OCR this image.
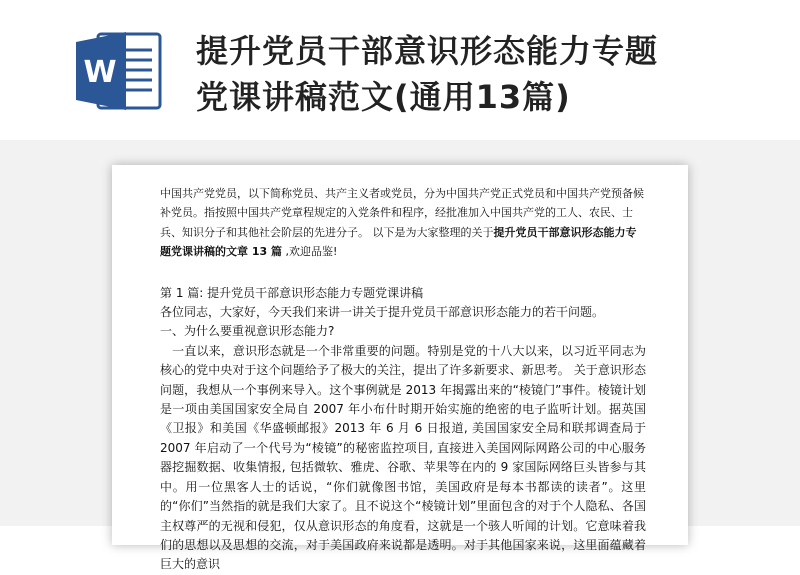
W
提升党员干部意识形态能力专题
党课讲稿范文(通用13篇)

中国共产党党员，以下简称党员、共产主义者或党员，分为中国共产党正式党员和中国共产党预备候补党员。指按照中国共产党章程规定的入党条件和程序，经批准加入中国共产党的工人、农民、士兵、知识分子和其他社会阶层的先进分子。 以下是为大家整理的关于提升党员干部意识形态能力专题党课讲稿的文章 13 篇 ,欢迎品鉴!

第 1 篇: 提升党员干部意识形态能力专题党课讲稿

各位同志，大家好，今天我们来讲一讲关于提升党员干部意识形态能力的若干问题。

一、为什么要重视意识形态能力?

　一直以来，意识形态就是一个非常重要的问题。特别是党的十八大以来，以习近平同志为核心的党中央对于这个问题给予了极大的关注，提出了许多新要求、新思考。 关于意识形态问题，我想从一个事例来导入。这个事例就是 2013 年揭露出来的“棱镜门”事件。棱镜计划是一项由美国国家安全局自 2007 年小布什时期开始实施的绝密的电子监听计划。据英国《卫报》和美国《华盛顿邮报》2013 年 6 月 6 日报道, 美国国家安全局和联邦调查局于 2007 年启动了一个代号为“棱镜”的秘密监控项目, 直接进入美国网际网路公司的中心服务器挖掘数据、收集情报, 包括微软、雅虎、谷歌、苹果等在内的 9 家国际网络巨头皆参与其中。用一位黑客人士的话说，“你们就像图书馆，美国政府是每本书都读的读者”。这里的“你们”当然指的就是我们大家了。且不说这个“棱镜计划”里面包含的对于个人隐私、各国主权尊严的无视和侵犯，仅从意识形态的角度看，这就是一个骇人听闻的计划。它意味着我们的思想以及思想的交流，对于美国政府来说都是透明。对于其他国家来说，这里面蕴藏着巨大的意识
